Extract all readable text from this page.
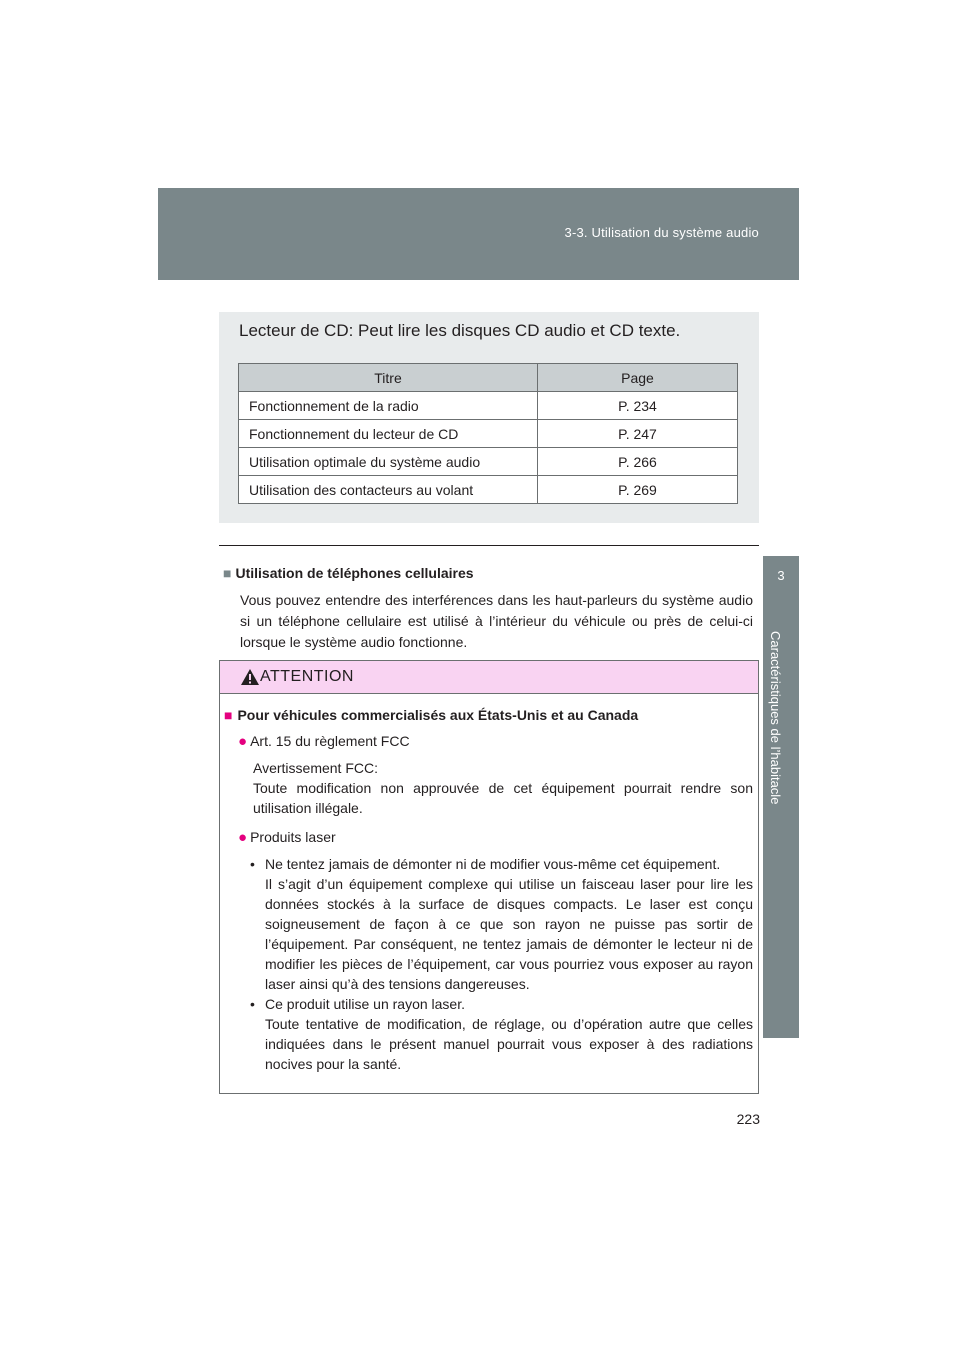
3-3. Utilisation du système audio
3
Caractéristiques de l’habitacle
Lecteur de CD: Peut lire les disques CD audio et CD texte.
Titre	Page
Fonctionnement de la radio	P. 234
Fonctionnement du lecteur de CD	P. 247
Utilisation optimale du système audio	P. 266
Utilisation des contacteurs au volant	P. 269

■ Utilisation de téléphones cellulaires

Vous pouvez entendre des interférences dans les haut-parleurs du système audio si un téléphone cellulaire est utilisé à l’intérieur du véhicule ou près de celui-ci lorsque le système audio fonctionne.

ATTENTION

■ Pour véhicules commercialisés aux États-Unis et au Canada

● Art. 15 du règlement FCC

Avertissement FCC:

Toute modification non approuvée de cet équipement pourrait rendre son utilisation illégale.

● Produits laser

• Ne tentez jamais de démonter ni de modifier vous-même cet équipement.

Il s’agit d’un équipement complexe qui utilise un faisceau laser pour lire les données stockés à la surface de disques compacts. Le laser est conçu soigneusement de façon à ce que son rayon ne puisse pas sortir de l’équipement. Par conséquent, ne tentez jamais de démonter le lecteur ni de modifier les pièces de l’équipement, car vous pourriez vous exposer au rayon laser ainsi qu’à des tensions dangereuses.

• Ce produit utilise un rayon laser.

Toute tentative de modification, de réglage, ou d’opération autre que celles indiquées dans le présent manuel pourrait vous exposer à des radiations nocives pour la santé.

223
